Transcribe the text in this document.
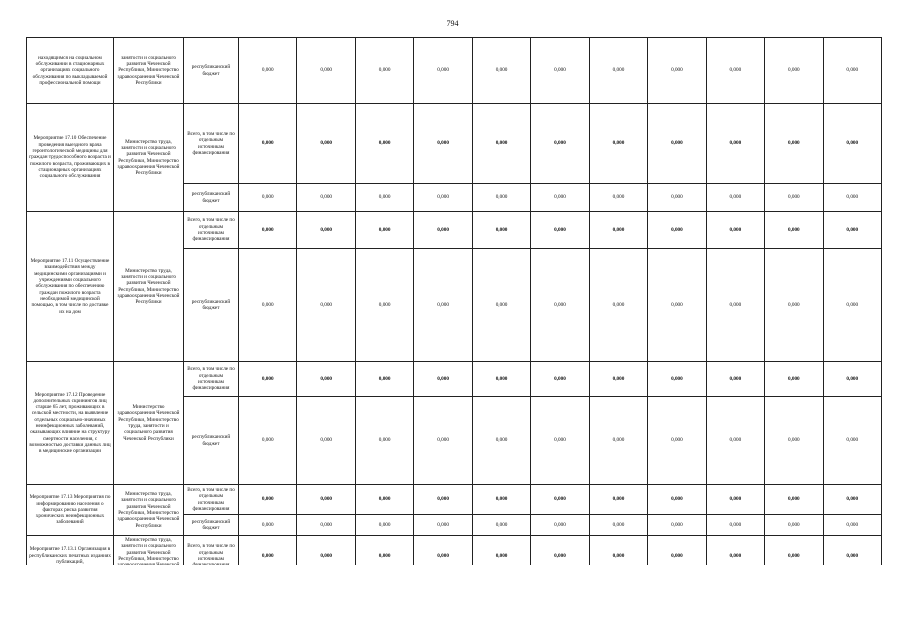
794
находящимся на социальном обслуживании в стационарных организациях социального обслуживания по выкладываемой профессиональной помощи	занятости и социального развития Чеченской Республики, Министерство здравоохранения Чеченской Республики	республиканский бюджет	0,000	0,000	0,000	0,000	0,000	0,000	0,000	0,000	0,000	0,000	0,000
Мероприятие 17.10 Обеспечение проведения выездного врача геронтологической медицины для граждан трудоспособного возраста и пожилого возраста, проживающих в стационарных организациях социального обслуживания	Министерство труда, занятости и социального развития Чеченской Республики, Министерство здравоохранения Чеченской Республики	Всего, в том числе по отдельным источникам финансирования	0,000	0,000	0,000	0,000	0,000	0,000	0,000	0,000	0,000	0,000	0,000
		республиканский бюджет	0,000	0,000	0,000	0,000	0,000	0,000	0,000	0,000	0,000	0,000	0,000
Мероприятие 17.11 Осуществление взаимодействия между медицинскими организациями и учреждениями социального обслуживания по обеспечению граждан пожилого возраста необходимой медицинской помощью, в том числе по доставке их на дом	Министерство труда, занятости и социального развития Чеченской Республики, Министерство здравоохранения Чеченской Республики	Всего, в том числе по отдельным источникам финансирования	0,000	0,000	0,000	0,000	0,000	0,000	0,000	0,000	0,000	0,000	0,000
		республиканский бюджет	0,000	0,000	0,000	0,000	0,000	0,000	0,000	0,000	0,000	0,000	0,000
Мероприятие 17.12 Проведение дополнительных скринингов лиц старше 65 лет, проживающих в сельской местности, на выявление отдельных социально-значимых неинфекционных заболеваний, оказывающих влияние на структуру смертности населения, с возможностью доставки данных лиц в медицинские организации	Министерство здравоохранения Чеченской Республики, Министерство труда, занятости и социального развития Чеченской Республики	Всего, в том числе по отдельным источникам финансирования	0,000	0,000	0,000	0,000	0,000	0,000	0,000	0,000	0,000	0,000	0,000
		республиканский бюджет	0,000	0,000	0,000	0,000	0,000	0,000	0,000	0,000	0,000	0,000	0,000
Мероприятие 17.13 Мероприятия по информированию населения о факторах риска развития хронических неинфекционных заболеваний	Министерство труда, занятости и социального развития Чеченской Республики, Министерство здравоохранения Чеченской Республики	Всего, в том числе по отдельным источникам финансирования	0,000	0,000	0,000	0,000	0,000	0,000	0,000	0,000	0,000	0,000	0,000
		республиканский бюджет	0,000	0,000	0,000	0,000	0,000	0,000	0,000	0,000	0,000	0,000	0,000
Мероприятие 17.13.1 Организация в республиканских печатных изданиях публикаций,	Министерство труда, занятости и социального развития Чеченской Республики, Министерство	Всего, в том числе по отдельным источникам	0,000	0,000	0,000	0,000	0,000	0,000	0,000	0,000	0,000	0,000	0,000
